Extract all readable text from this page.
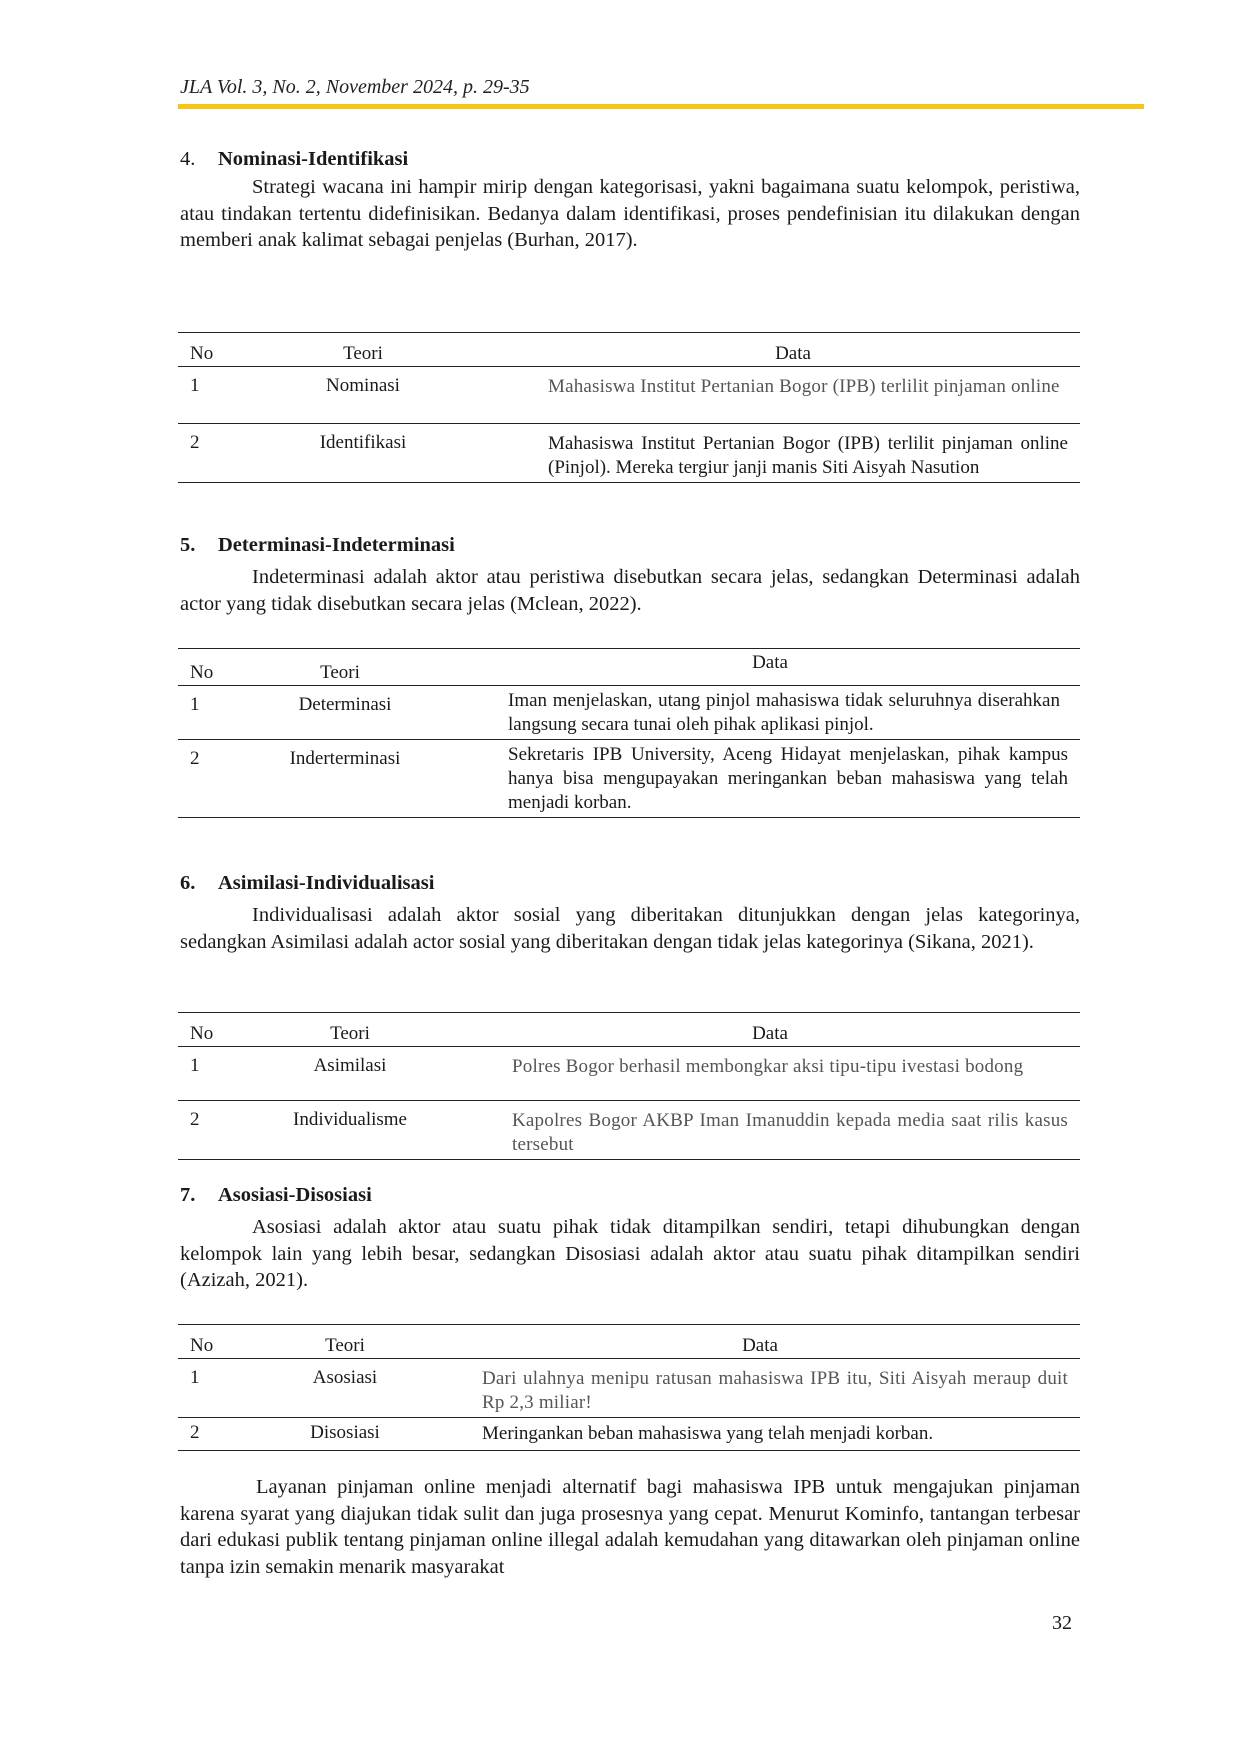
JLA Vol. 3, No. 2, November 2024, p. 29-35
4. Nominasi-Identifikasi
Strategi wacana ini hampir mirip dengan kategorisasi, yakni bagaimana suatu kelompok, peristiwa, atau tindakan tertentu didefinisikan. Bedanya dalam identifikasi, proses pendefinisian itu dilakukan dengan memberi anak kalimat sebagai penjelas (Burhan, 2017).
No	Teori	Data
1	Nominasi	Mahasiswa Institut Pertanian Bogor (IPB) terlilit pinjaman online
2	Identifikasi	Mahasiswa Institut Pertanian Bogor (IPB) terlilit pinjaman online (Pinjol). Mereka tergiur janji manis Siti Aisyah Nasution
5. Determinasi-Indeterminasi
Indeterminasi adalah aktor atau peristiwa disebutkan secara jelas, sedangkan Determinasi adalah actor yang tidak disebutkan secara jelas (Mclean, 2022).
No	Teori	Data
1	Determinasi	Iman menjelaskan, utang pinjol mahasiswa tidak seluruhnya diserahkan langsung secara tunai oleh pihak aplikasi pinjol.
2	Inderterminasi	Sekretaris IPB University, Aceng Hidayat menjelaskan, pihak kampus hanya bisa mengupayakan meringankan beban mahasiswa yang telah menjadi korban.
6. Asimilasi-Individualisasi
Individualisasi adalah aktor sosial yang diberitakan ditunjukkan dengan jelas kategorinya, sedangkan Asimilasi adalah actor sosial yang diberitakan dengan tidak jelas kategorinya (Sikana, 2021).
No	Teori	Data
1	Asimilasi	Polres Bogor berhasil membongkar aksi tipu-tipu ivestasi bodong
2	Individualisme	Kapolres Bogor AKBP Iman Imanuddin kepada media saat rilis kasus tersebut
7. Asosiasi-Disosiasi
Asosiasi adalah aktor atau suatu pihak tidak ditampilkan sendiri, tetapi dihubungkan dengan kelompok lain yang lebih besar, sedangkan Disosiasi adalah aktor atau suatu pihak ditampilkan sendiri (Azizah, 2021).
No	Teori	Data
1	Asosiasi	Dari ulahnya menipu ratusan mahasiswa IPB itu, Siti Aisyah meraup duit Rp 2,3 miliar!
2	Disosiasi	Meringankan beban mahasiswa yang telah menjadi korban.
Layanan pinjaman online menjadi alternatif bagi mahasiswa IPB untuk mengajukan pinjaman karena syarat yang diajukan tidak sulit dan juga prosesnya yang cepat. Menurut Kominfo, tantangan terbesar dari edukasi publik tentang pinjaman online illegal adalah kemudahan yang ditawarkan oleh pinjaman online tanpa izin semakin menarik masyarakat
32
